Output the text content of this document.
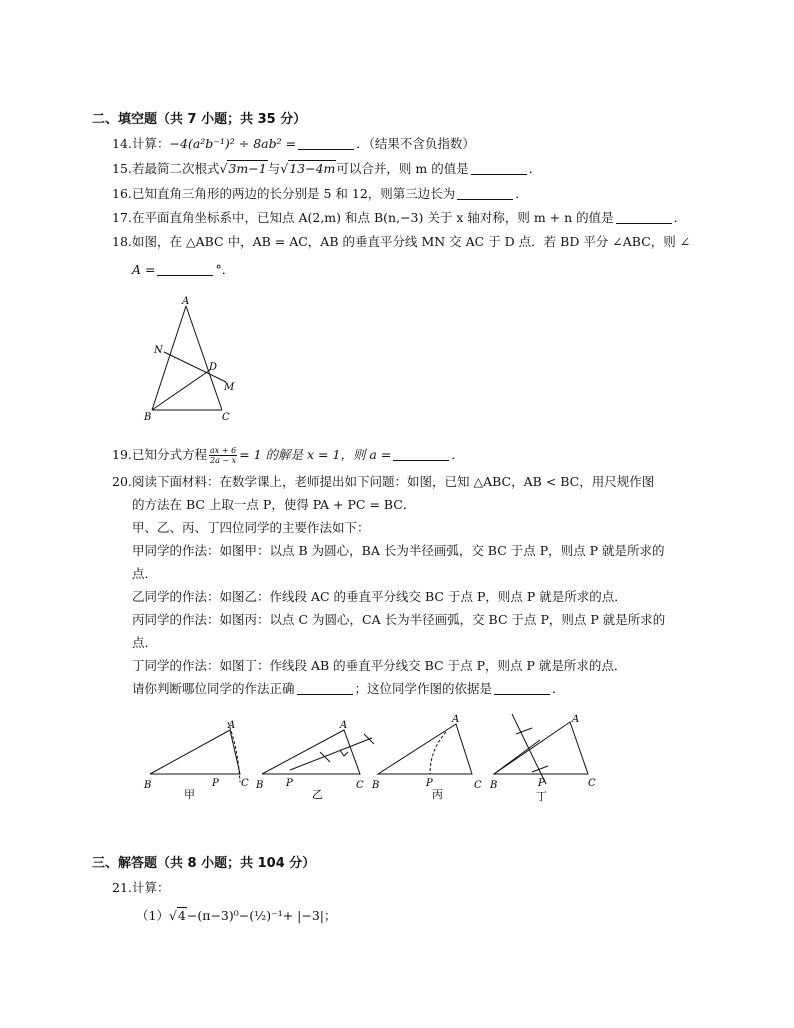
二、填空题（共 7 小题；共 35 分）
14.计算：−4(a²b⁻¹)² ÷ 8ab² =	．（结果不含负指数）
15.若最简二次根式√3m−1与√13−4m可以合并，则 m 的值是	．
16.已知直角三角形的两边的长分别是 5 和 12，则第三边长为	．
17.在平面直角坐标系中，已知点 A(2,m) 和点 B(n,−3) 关于 x 轴对称，则 m + n 的值是	．
18.如图，在 △ABC 中，AB = AC，AB 的垂直平分线 MN 交 AC 于 D 点．若 BD 平分 ∠ABC，则 ∠
A =	°．
A
B	C
D
M
N
19.已知分式方程 $\frac{ax + 6}{2a - x} = 1$ 的解是 x = 1，则 a =	．
20.阅读下面材料：在数学课上，老师提出如下问题：如图，已知 △ABC，AB < BC，用尺规作图
的方法在 BC 上取一点 P，使得 PA + PC = BC．
甲、乙、丙、丁四位同学的主要作法如下：
甲同学的作法：如图甲：以点 B 为圆心，BA 长为半径画弧，交 BC 于点 P，则点 P 就是所求的
点．
乙同学的作法：如图乙：作线段 AC 的垂直平分线交 BC 于点 P，则点 P 就是所求的点．
丙同学的作法：如图丙：以点 C 为圆心，CA 长为半径画弧，交 BC 于点 P，则点 P 就是所求的
点．
丁同学的作法：如图丁：作线段 AB 的垂直平分线交 BC 于点 P，则点 P 就是所求的点．
请你判断哪位同学的作法正确	；这位同学作图的依据是	．
A
B	P C
甲
A
B P	C
乙
A
B	P	C
丙
A
B	P	C
丁
三、解答题（共 8 小题；共 104 分）
21.计算：
（1）√4−(π−3)⁰−(½)⁻¹+ |−3|；
